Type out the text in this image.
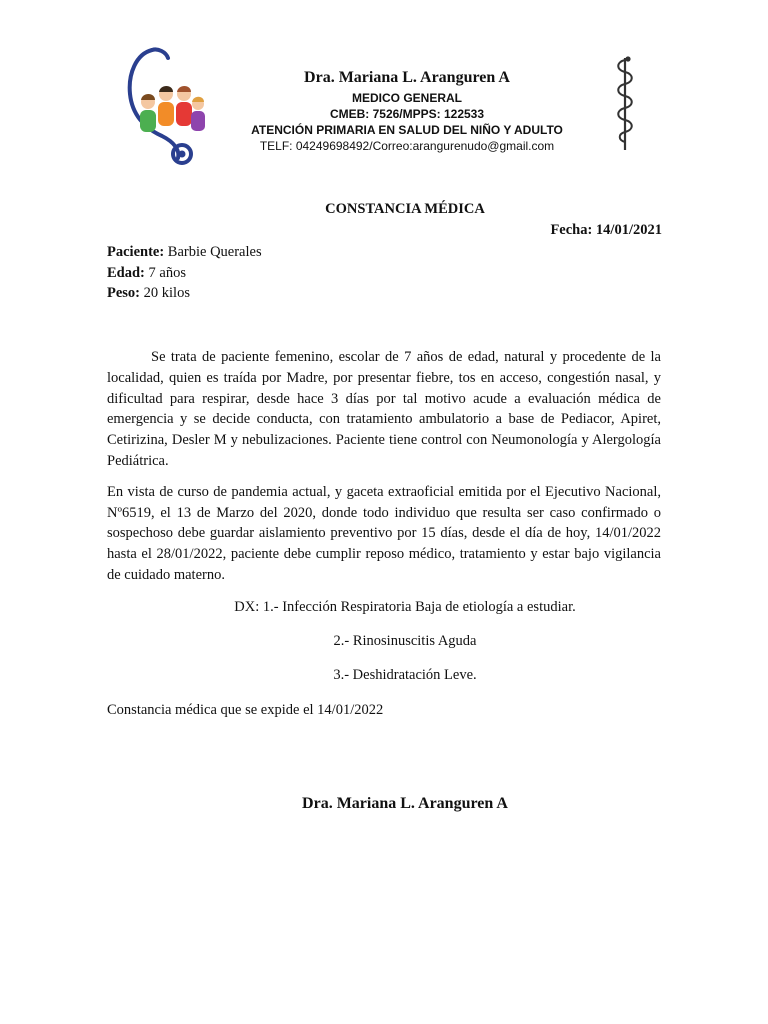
Dra. Mariana L. Aranguren A
MEDICO GENERAL
CMEB: 7526/MPPS: 122533
ATENCIÓN PRIMARIA EN SALUD DEL NIÑO Y ADULTO
TELF: 04249698492/Correo:arangurenudo@gmail.com
CONSTANCIA MÉDICA
Fecha: 14/01/2021
Paciente: Barbie Querales
Edad: 7 años
Peso: 20 kilos

Se trata de paciente femenino, escolar de 7 años de edad, natural y procedente de la localidad, quien es traída por Madre, por presentar fiebre, tos en acceso, congestión nasal, y dificultad para respirar, desde hace 3 días por tal motivo acude a evaluación médica de emergencia y se decide conducta, con tratamiento ambulatorio a base de Pediacor, Apiret, Cetirizina, Desler M y nebulizaciones. Paciente tiene control con Neumonología y Alergología Pediátrica.

En vista de curso de pandemia actual, y gaceta extraoficial emitida por el Ejecutivo Nacional, Nº6519, el 13 de Marzo del 2020, donde todo individuo que resulta ser caso confirmado o sospechoso debe guardar aislamiento preventivo por 15 días, desde el día de hoy, 14/01/2022 hasta el 28/01/2022, paciente debe cumplir reposo médico, tratamiento y estar bajo vigilancia de cuidado materno.

DX: 1.- Infección Respiratoria Baja de etiología a estudiar.
2.- Rinosinuscitis Aguda
3.- Deshidratación Leve.
Constancia médica que se expide el 14/01/2022
Dra. Mariana L. Aranguren A
